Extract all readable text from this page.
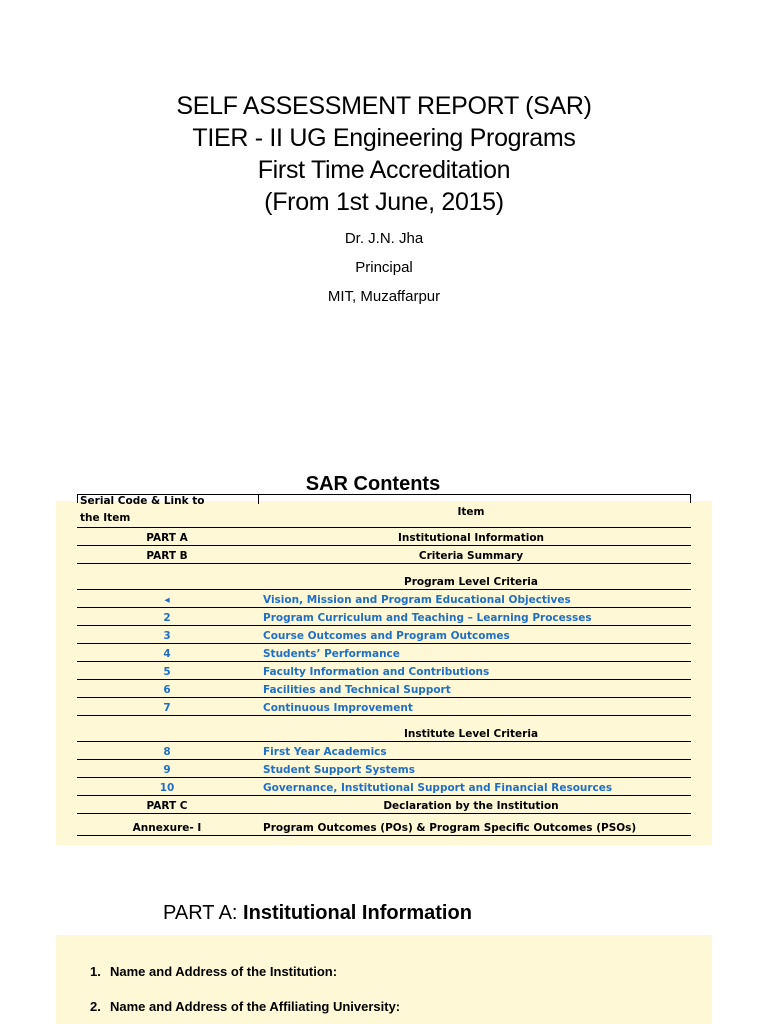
SELF ASSESSMENT REPORT (SAR)
TIER - II UG Engineering Programs
First Time Accreditation
(From 1st June, 2015)
Dr. J.N. Jha
Principal
MIT, Muzaffarpur
SAR Contents
Serial Code & Link to the Item	Item
PART A	Institutional Information
PART B	Criteria Summary
Program Level Criteria
◂	Vision, Mission and Program Educational Objectives
2	Program Curriculum and Teaching – Learning Processes
3	Course Outcomes and Program Outcomes
4	Students’ Performance
5	Faculty Information and Contributions
6	Facilities and Technical Support
7	Continuous Improvement
Institute Level Criteria
8	First Year Academics
9	Student Support Systems
10	Governance, Institutional Support and Financial Resources
PART C	Declaration by the Institution
Annexure- I	Program Outcomes (POs) & Program Specific Outcomes (PSOs)
PART A: Institutional Information
1. Name and Address of the Institution:
2. Name and Address of the Affiliating University:
